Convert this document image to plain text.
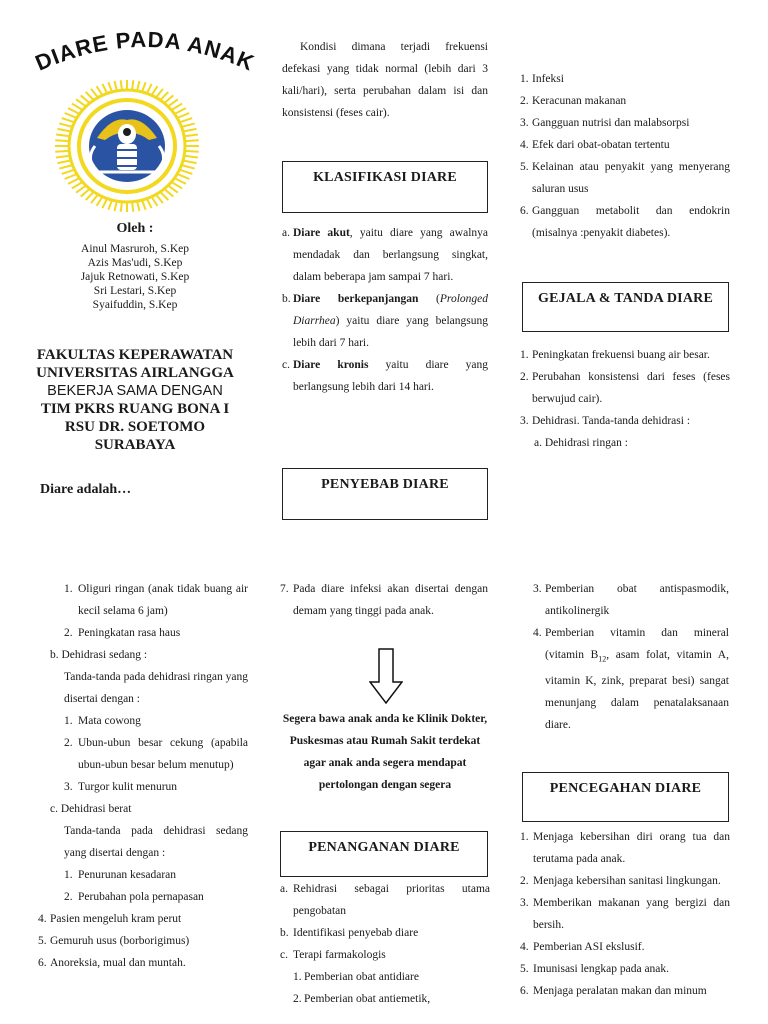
DIARE PADA ANAK
Oleh :
Ainul Masruroh, S.Kep
Azis Mas'udi, S.Kep
Jajuk Retnowati, S.Kep
Sri Lestari, S.Kep
Syaifuddin, S.Kep
FAKULTAS KEPERAWATAN
UNIVERSITAS AIRLANGGA
BEKERJA SAMA DENGAN
TIM PKRS RUANG BONA I
RSU DR. SOETOMO
SURABAYA
Diare adalah…
Kondisi dimana terjadi frekuensi defekasi yang tidak normal (lebih dari 3 kali/hari), serta perubahan dalam isi dan konsistensi (feses cair).
KLASIFIKASI DIARE
a. Diare akut, yaitu diare yang awalnya mendadak dan berlangsung singkat, dalam beberapa jam sampai 7 hari.
b. Diare berkepanjangan (Prolonged Diarrhea) yaitu diare yang belangsung lebih dari 7 hari.
c. Diare kronis yaitu diare yang berlangsung lebih dari 14 hari.
PENYEBAB DIARE
1. Infeksi
2. Keracunan makanan
3. Gangguan nutrisi dan malabsorpsi
4. Efek dari obat-obatan tertentu
5. Kelainan atau penyakit yang menyerang saluran usus
6. Gangguan metabolit dan endokrin (misalnya :penyakit diabetes).
GEJALA & TANDA DIARE
1. Peningkatan frekuensi buang air besar.
2. Perubahan konsistensi dari feses (feses berwujud cair).
3. Dehidrasi. Tanda-tanda dehidrasi :
a. Dehidrasi ringan :
1. Oliguri ringan (anak tidak buang air kecil selama 6 jam)
2. Peningkatan rasa haus
b. Dehidrasi sedang :
Tanda-tanda pada dehidrasi ringan yang disertai dengan :
1. Mata cowong
2. Ubun-ubun besar cekung (apabila ubun-ubun besar belum menutup)
3. Turgor kulit menurun
c. Dehidrasi berat
Tanda-tanda pada dehidrasi sedang yang disertai dengan :
1. Penurunan kesadaran
2. Perubahan pola pernapasan
4. Pasien mengeluh kram perut
5. Gemuruh usus (borborigimus)
6. Anoreksia, mual dan muntah.
7. Pada diare infeksi akan disertai dengan demam yang tinggi pada anak.
Segera bawa anak anda ke Klinik Dokter, Puskesmas atau Rumah Sakit terdekat agar anak anda segera mendapat pertolongan dengan segera
PENANGANAN DIARE
a. Rehidrasi sebagai prioritas utama pengobatan
b. Identifikasi penyebab diare
c. Terapi farmakologis
1. Pemberian obat antidiare
2. Pemberian obat antiemetik,
3. Pemberian obat antispasmodik, antikolinergik
4. Pemberian vitamin dan mineral (vitamin $B_{12}$, asam folat, vitamin A, vitamin K, zink, preparat besi) sangat menunjang dalam penatalaksanaan diare.
PENCEGAHAN DIARE
1. Menjaga kebersihan diri orang tua dan terutama pada anak.
2. Menjaga kebersihan sanitasi lingkungan.
3. Memberikan makanan yang bergizi dan bersih.
4. Pemberian ASI ekslusif.
5. Imunisasi lengkap pada anak.
6. Menjaga peralatan makan dan minum
